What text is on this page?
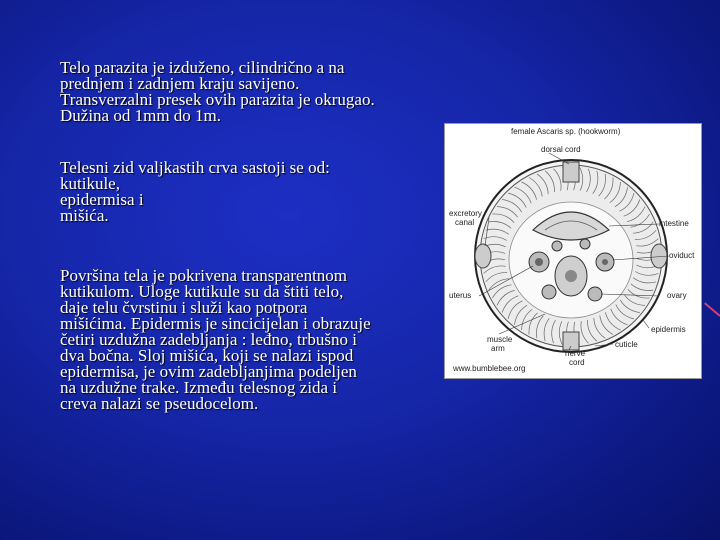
Telo parazita je izduženo, cilindrično a na

prednjem i zadnjem kraju savijeno.

Transverzalni presek ovih parazita je okrugao.

Dužina od 1mm do 1m.

Telesni zid valjkastih crva sastoji se od:

kutikule,

epidermisa i

mišića.

Površina tela je pokrivena transparentnom

kutikulom. Uloge kutikule su da štiti telo,

daje telu čvrstinu i služi kao potpora

mišićima. Epidermis je sincicijelan i obrazuje

četiri uzdužna zadebljanja : leđno, trbušno i

dva bočna. Sloj mišića, koji se nalazi ispod

epidermisa, je ovim zadebljanjima podeljen

na uzdužne trake. Između telesnog zida i

creva nalazi se pseudocelom.

female Ascaris sp. (hookworm)
dorsal cord
excretory
canal	intestine
oviduct
uterus	ovary
epidermis
muscle
arm
nerve
cord
cuticle
www.bumblebee.org
